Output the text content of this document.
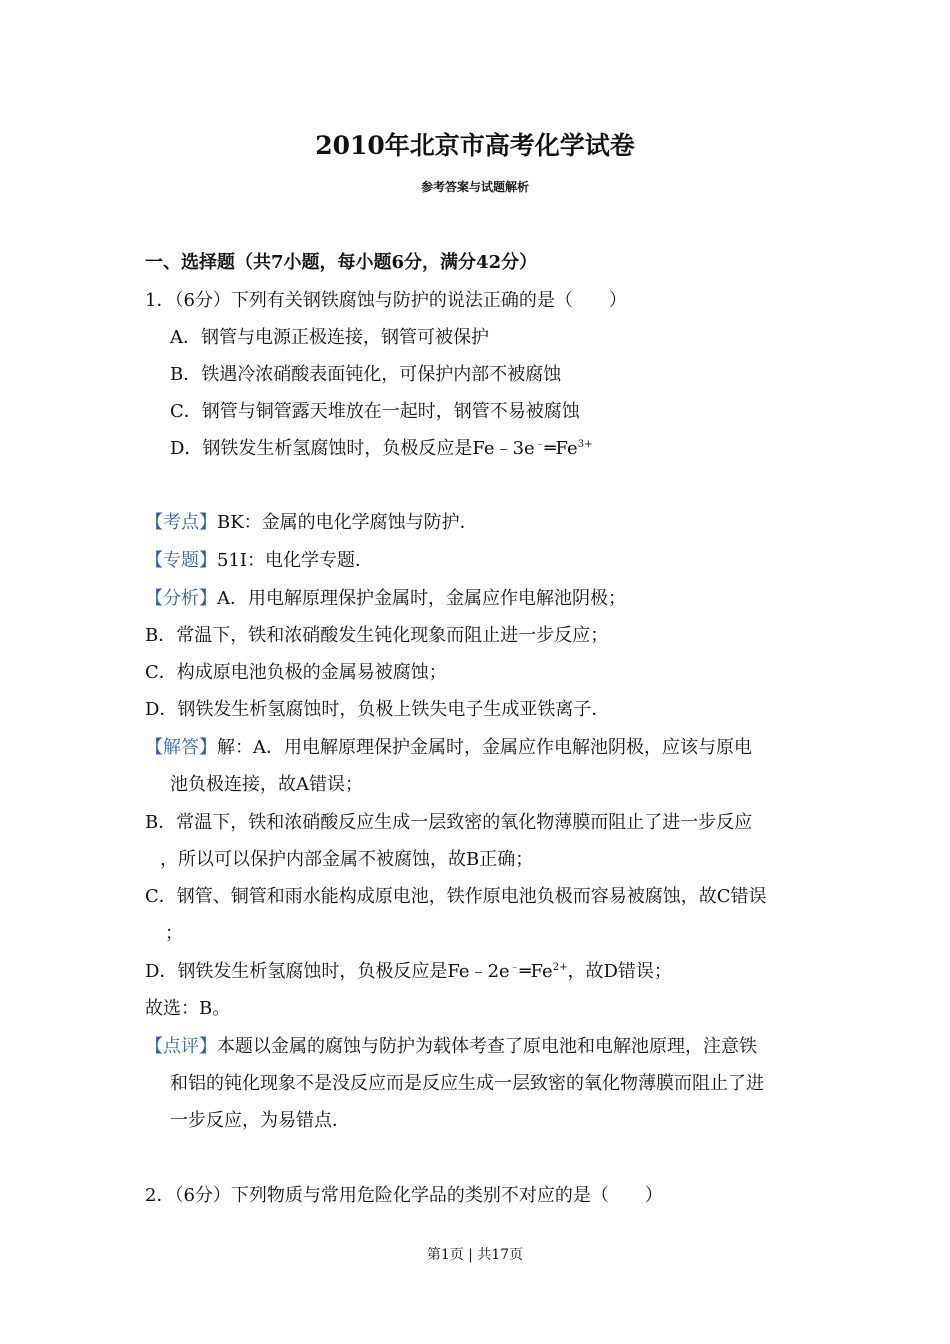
2010年北京市高考化学试卷
参考答案与试题解析
一、选择题（共7小题，每小题6分，满分42分）
1．（6分）下列有关钢铁腐蚀与防护的说法正确的是（　　）
A．钢管与电源正极连接，钢管可被保护
B．铁遇冷浓硝酸表面钝化，可保护内部不被腐蚀
C．钢管与铜管露天堆放在一起时，钢管不易被腐蚀
D．钢铁发生析氢腐蚀时，负极反应是$Fe﹣3e^﹣═Fe^{3+}$
【考点】BK：金属的电化学腐蚀与防护．
【专题】51I：电化学专题．
【分析】A．用电解原理保护金属时，金属应作电解池阴极；
B．常温下，铁和浓硝酸发生钝化现象而阻止进一步反应；
C．构成原电池负极的金属易被腐蚀；
D．钢铁发生析氢腐蚀时，负极上铁失电子生成亚铁离子．
【解答】解：A．用电解原理保护金属时，金属应作电解池阴极，应该与原电
池负极连接，故A错误；
B．常温下，铁和浓硝酸反应生成一层致密的氧化物薄膜而阻止了进一步反应
，所以可以保护内部金属不被腐蚀，故B正确；
C．钢管、铜管和雨水能构成原电池，铁作原电池负极而容易被腐蚀，故C错误
；
D．钢铁发生析氢腐蚀时，负极反应是$Fe﹣2e^﹣═Fe^{2+}$，故D错误；
故选：B。
【点评】本题以金属的腐蚀与防护为载体考查了原电池和电解池原理，注意铁
和铝的钝化现象不是没反应而是反应生成一层致密的氧化物薄膜而阻止了进
一步反应，为易错点．
2．（6分）下列物质与常用危险化学品的类别不对应的是（　　）
第1页 | 共17页
